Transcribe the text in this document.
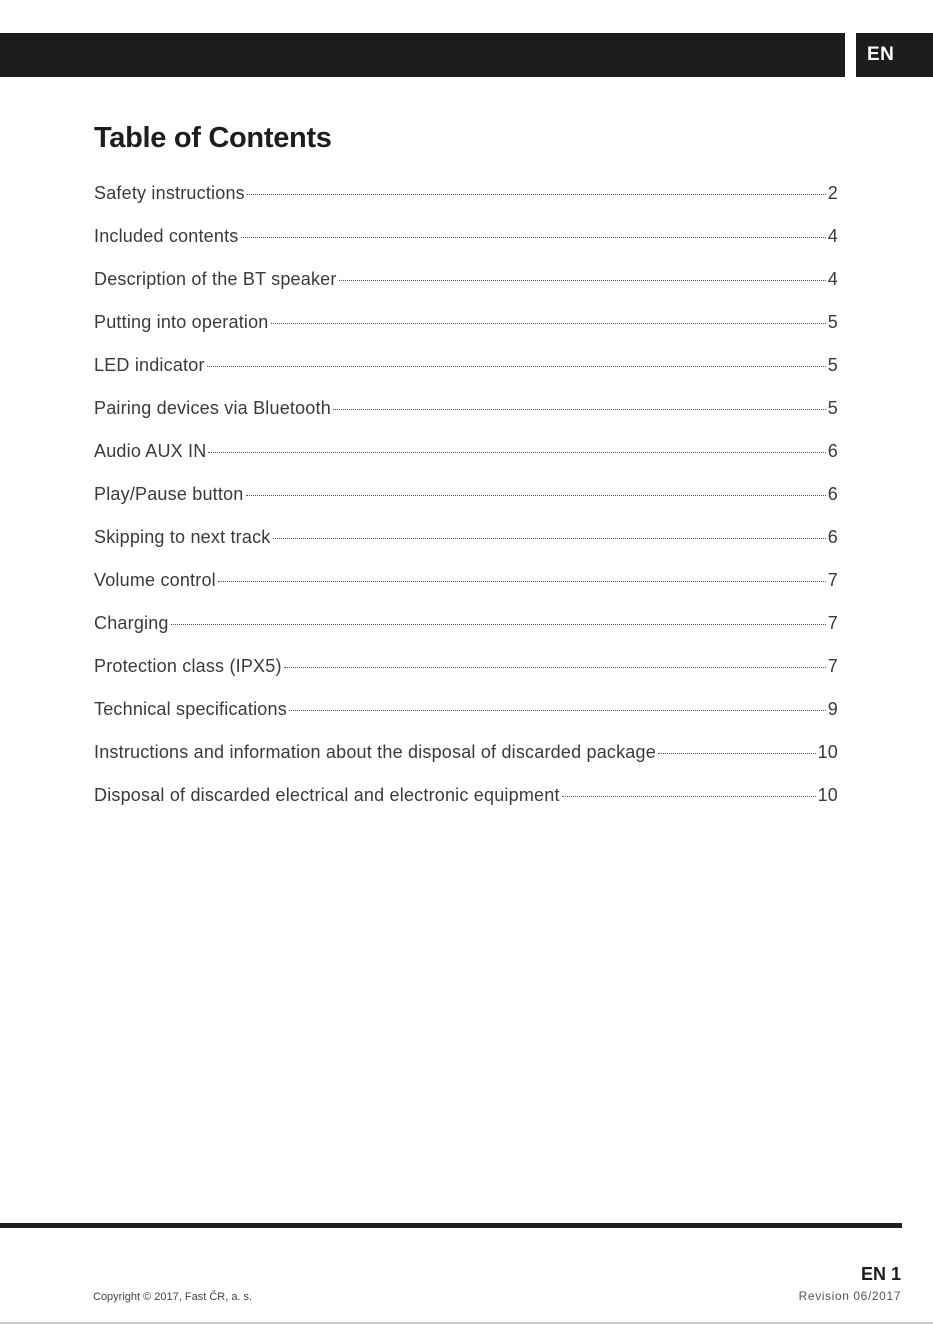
EN
Table of Contents
Safety instructions	2
Included contents	4
Description of the BT speaker	4
Putting into operation	5
LED indicator	5
Pairing devices via Bluetooth	5
Audio AUX IN	6
Play/Pause button	6
Skipping to next track	6
Volume control	7
Charging	7
Protection class (IPX5)	7
Technical specifications	9
Instructions and information about the disposal of discarded package	10
Disposal of discarded electrical and electronic equipment	10
EN 1
Copyright © 2017, Fast ČR, a. s.	Revision 06/2017
